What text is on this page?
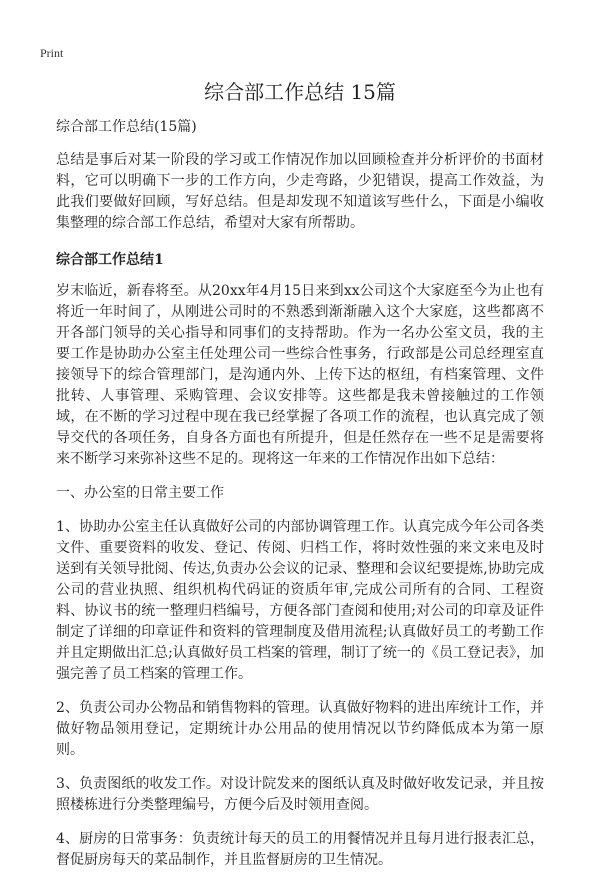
Print
综合部工作总结 15篇

综合部工作总结(15篇)

总结是事后对某一阶段的学习或工作情况作加以回顾检查并分析评价的书面材料，它可以明确下一步的工作方向，少走弯路，少犯错误，提高工作效益，为此我们要做好回顾，写好总结。但是却发现不知道该写些什么，下面是小编收集整理的综合部工作总结，希望对大家有所帮助。

综合部工作总结1

岁末临近，新春将至。从20xx年4月15日来到xx公司这个大家庭至今为止也有将近一年时间了，从刚进公司时的不熟悉到渐渐融入这个大家庭，这些都离不开各部门领导的关心指导和同事们的支持帮助。作为一名办公室文员，我的主要工作是协助办公室主任处理公司一些综合性事务，行政部是公司总经理室直接领导下的综合管理部门，是沟通内外、上传下达的枢纽，有档案管理、文件批转、人事管理、采购管理、会议安排等。这些都是我未曾接触过的工作领域，在不断的学习过程中现在我已经掌握了各项工作的流程，也认真完成了领导交代的各项任务，自身各方面也有所提升，但是任然存在一些不足是需要将来不断学习来弥补这些不足的。现将这一年来的工作情况作出如下总结：

一、办公室的日常主要工作

1、协助办公室主任认真做好公司的内部协调管理工作。认真完成今年公司各类文件、重要资料的收发、登记、传阅、归档工作，将时效性强的来文来电及时送到有关领导批阅、传达,负责办公会议的记录、整理和会议纪要提炼,协助完成公司的营业执照、组织机构代码证的资质年审,完成公司所有的合同、工程资料、协议书的统一整理归档编号，方便各部门查阅和使用;对公司的印章及证件制定了详细的印章证件和资料的管理制度及借用流程;认真做好员工的考勤工作并且定期做出汇总;认真做好员工档案的管理，制订了统一的《员工登记表》，加强完善了员工档案的管理工作。

2、负责公司办公物品和销售物料的管理。认真做好物料的进出库统计工作，并做好物品领用登记，定期统计办公用品的使用情况以节约降低成本为第一原则。

3、负责图纸的收发工作。对设计院发来的图纸认真及时做好收发记录，并且按照楼栋进行分类整理编号，方便今后及时领用查阅。

4、厨房的日常事务：负责统计每天的员工的用餐情况并且每月进行报表汇总，督促厨房每天的菜品制作，并且监督厨房的卫生情况。
